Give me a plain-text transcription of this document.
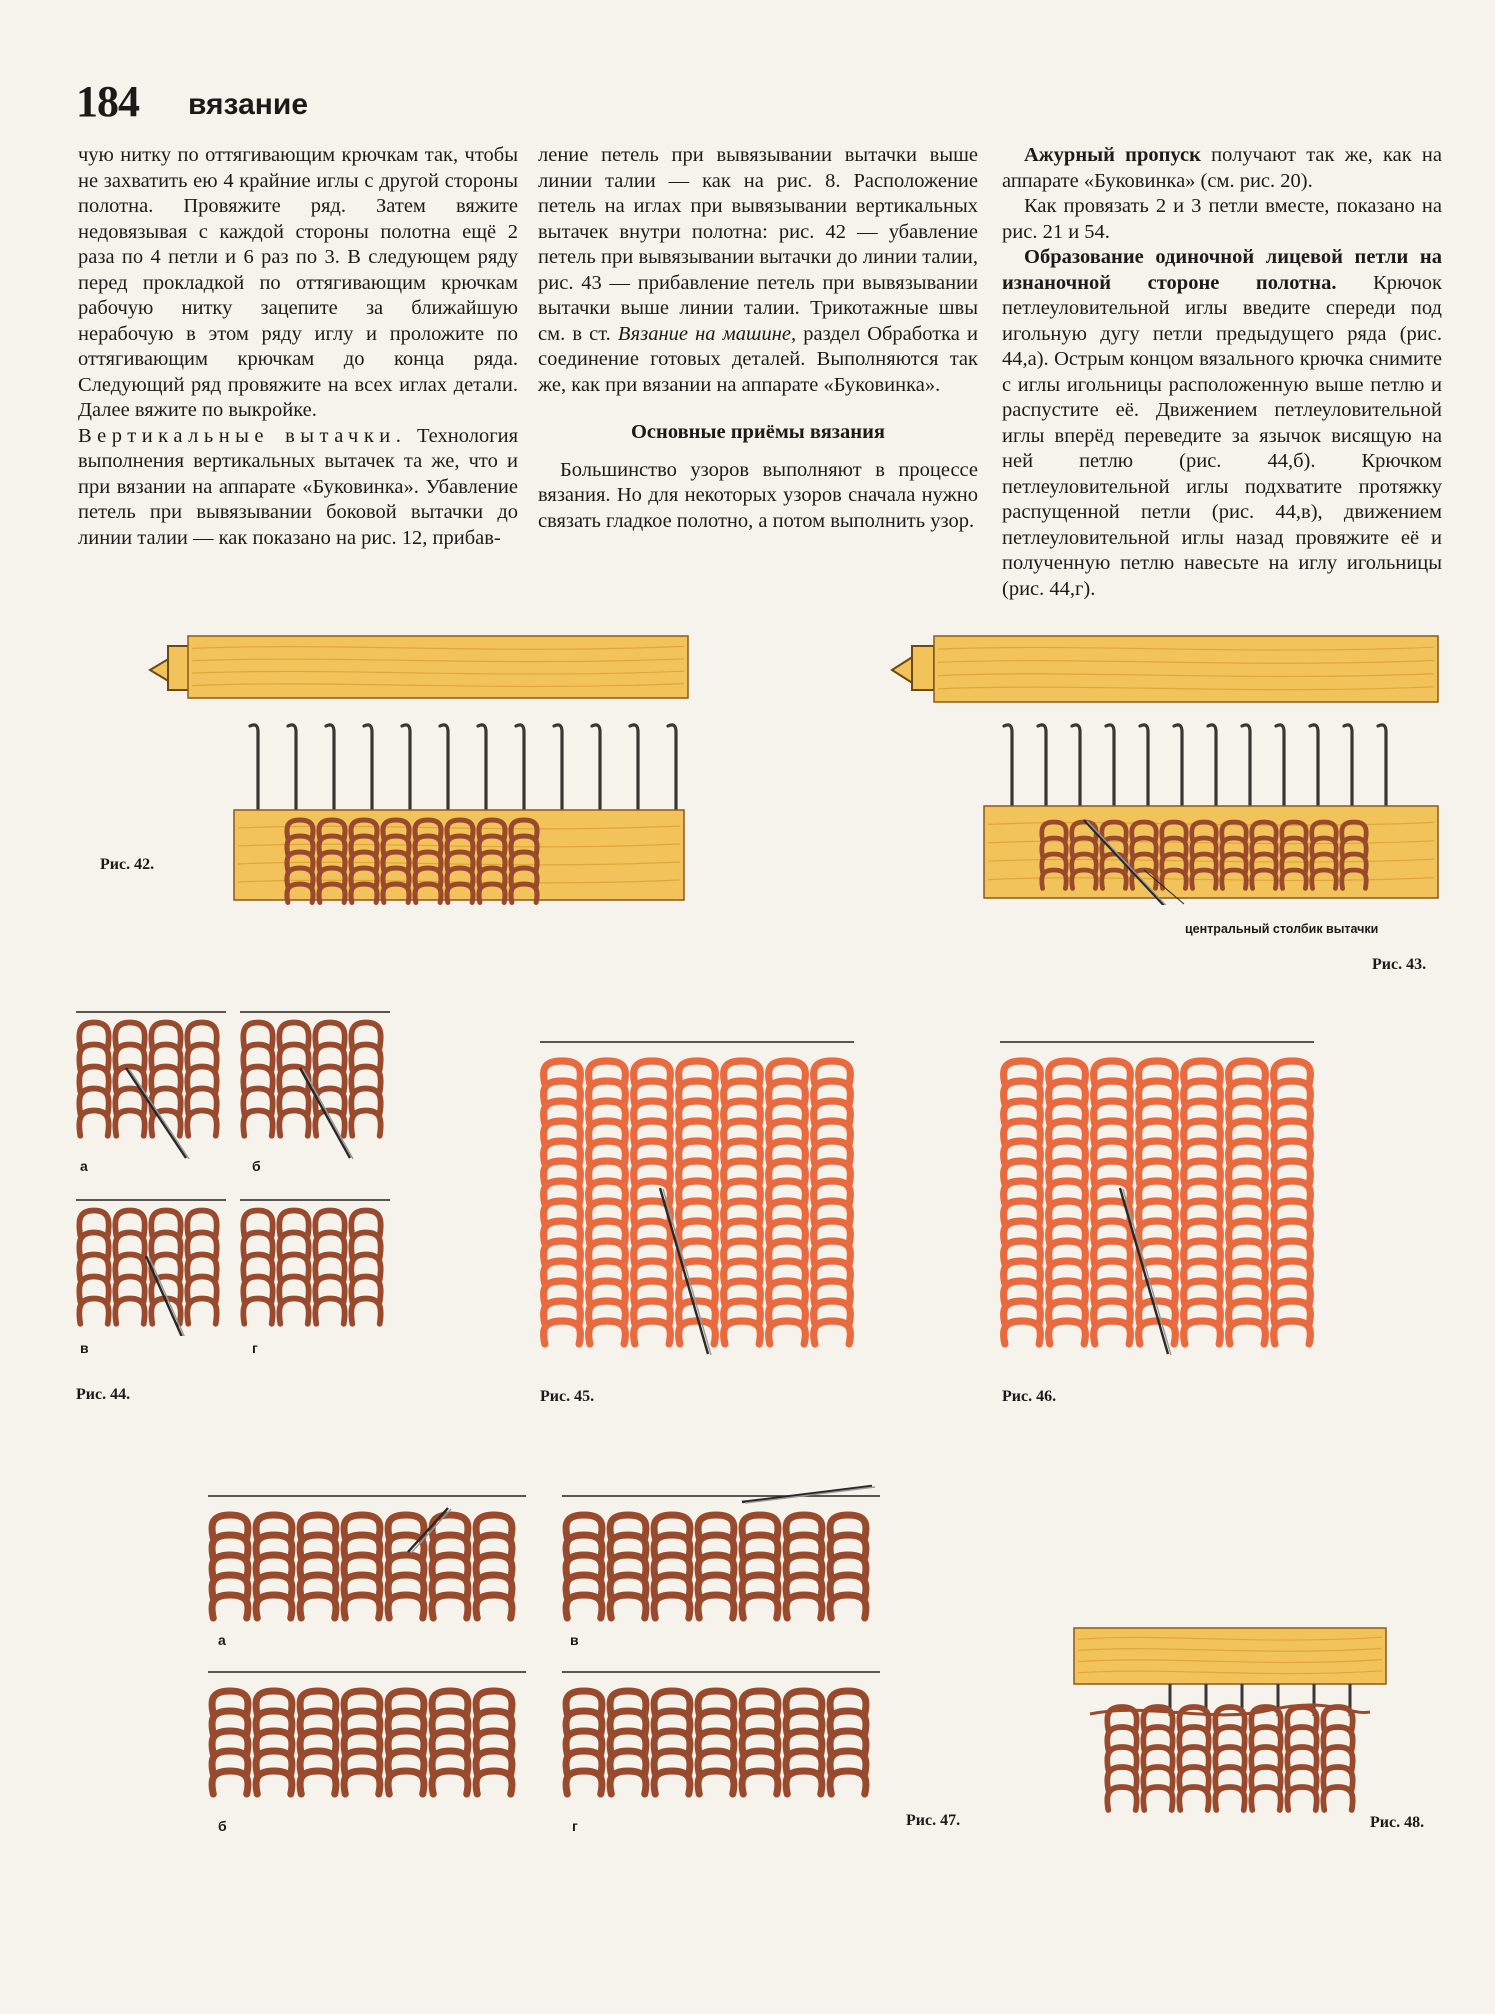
184 вязание

чую нитку по оттягивающим крючкам так, чтобы не захватить ею 4 крайние иглы с другой стороны полотна. Провяжите ряд. Затем вяжите недовязывая с каждой стороны полотна ещё 2 раза по 4 петли и 6 раз по 3. В следующем ряду перед прокладкой по оттягивающим крючкам рабочую нитку зацепите за ближайшую нерабочую в этом ряду иглу и проложите по оттягивающим крючкам до конца ряда. Следующий ряд провяжите на всех иглах детали. Далее вяжите по выкройке.

Вертикальные вытачки. Технология выполнения вертикальных вытачек та же, что и при вязании на аппарате «Буковинка». Убавление петель при вывязывании боковой вытачки до линии талии — как показано на рис. 12, прибав-

ление петель при вывязывании вытачки выше линии талии — как на рис. 8. Расположение петель на иглах при вывязывании вертикальных вытачек внутри полотна: рис. 42 — убавление петель при вывязывании вытачки до линии талии, рис. 43 — прибавление петель при вывязывании вытачки выше линии талии. Трикотажные швы см. в ст. Вязание на машине, раздел Обработка и соединение готовых деталей. Выполняются так же, как при вязании на аппарате «Буковинка».

Основные приёмы вязания

Большинство узоров выполняют в процессе вязания. Но для некоторых узоров сначала нужно связать гладкое полотно, а потом выполнить узор.

Ажурный пропуск получают так же, как на аппарате «Буковинка» (см. рис. 20).

Как провязать 2 и 3 петли вместе, показано на рис. 21 и 54.

Образование одиночной лицевой петли на изнаночной стороне полотна. Крючок петлеуловительной иглы введите спереди под игольную дугу петли предыдущего ряда (рис. 44,а). Острым концом вязального крючка снимите с иглы игольницы расположенную выше петлю и распустите её. Движением петлеуловительной иглы вперёд переведите за язычок висящую на ней петлю (рис. 44,б). Крючком петлеуловительной иглы подхватите протяжку распущенной петли (рис. 44,в), движением петлеуловительной иглы назад провяжите её и полученную петлю навесьте на иглу игольницы (рис. 44,г).

Рис. 42.
центральный столбик вытачки
Рис. 43.
а	б
в	г
Рис. 44.	Рис. 45.	Рис. 46.
а	в
б	г	Рис. 47.	Рис. 48.
